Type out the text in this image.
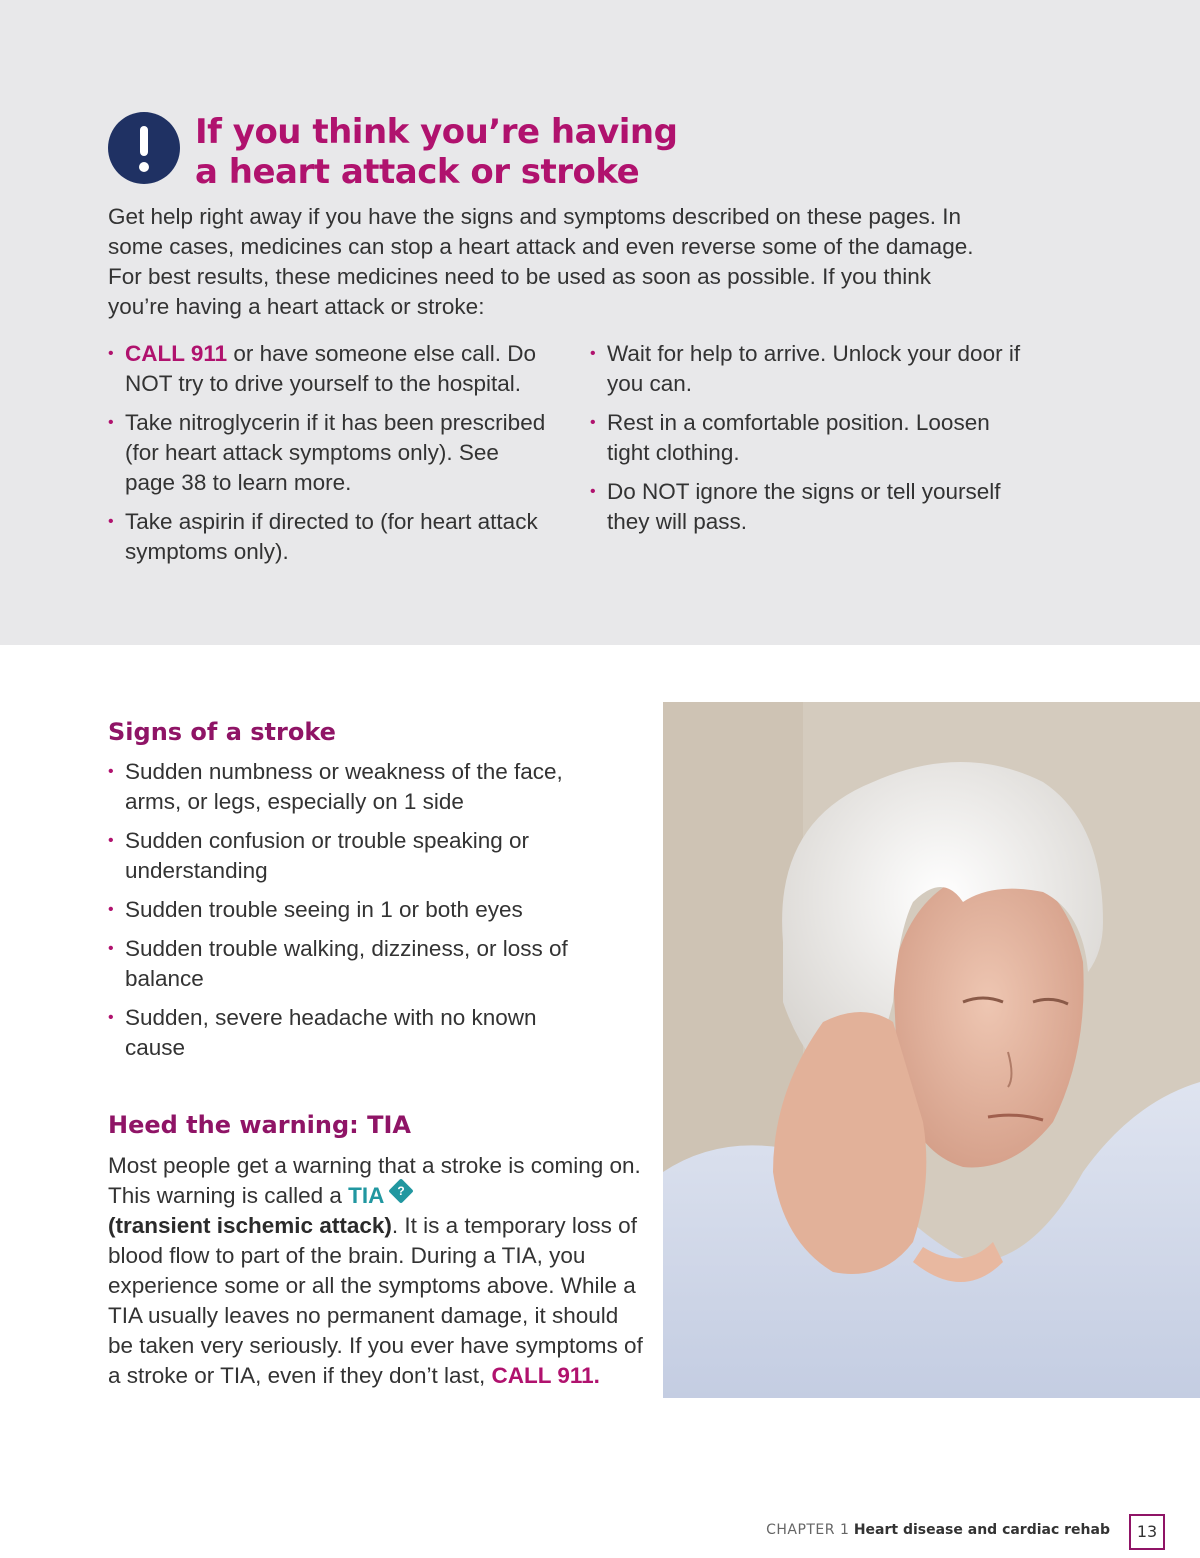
If you think you’re having
a heart attack or stroke

Get help right away if you have the signs and symptoms described on these pages. In some cases, medicines can stop a heart attack and even reverse some of the damage. For best results, these medicines need to be used as soon as possible. If you think you’re having a heart attack or stroke:

•
CALL 911 or have someone else call. Do NOT try to drive yourself to the hospital.
•
Take nitroglycerin if it has been prescribed (for heart attack symptoms only). See page 38 to learn more.
•
Take aspirin if directed to (for heart attack symptoms only).
•
Wait for help to arrive. Unlock your door if you can.
•
Rest in a comfortable position. Loosen tight clothing.
•
Do NOT ignore the signs or tell yourself they will pass.
Signs of a stroke
•
Sudden numbness or weakness of the face, arms, or legs, especially on 1 side
•
Sudden confusion or trouble speaking or understanding
•
Sudden trouble seeing in 1 or both eyes
•
Sudden trouble walking, dizziness, or loss of balance
•
Sudden, severe headache with no known cause
Heed the warning: TIA

Most people get a warning that a stroke is coming on. This warning is called a TIA	?

(transient ischemic attack). It is a temporary loss of blood flow to part of the brain. During a TIA, you experience some or all the symptoms above. While a TIA usually leaves no permanent damage, it should be taken very seriously. If you ever have symptoms of a stroke or TIA, even if they don’t last, CALL 911.

CHAPTER 1 Heart disease and cardiac rehab	13
